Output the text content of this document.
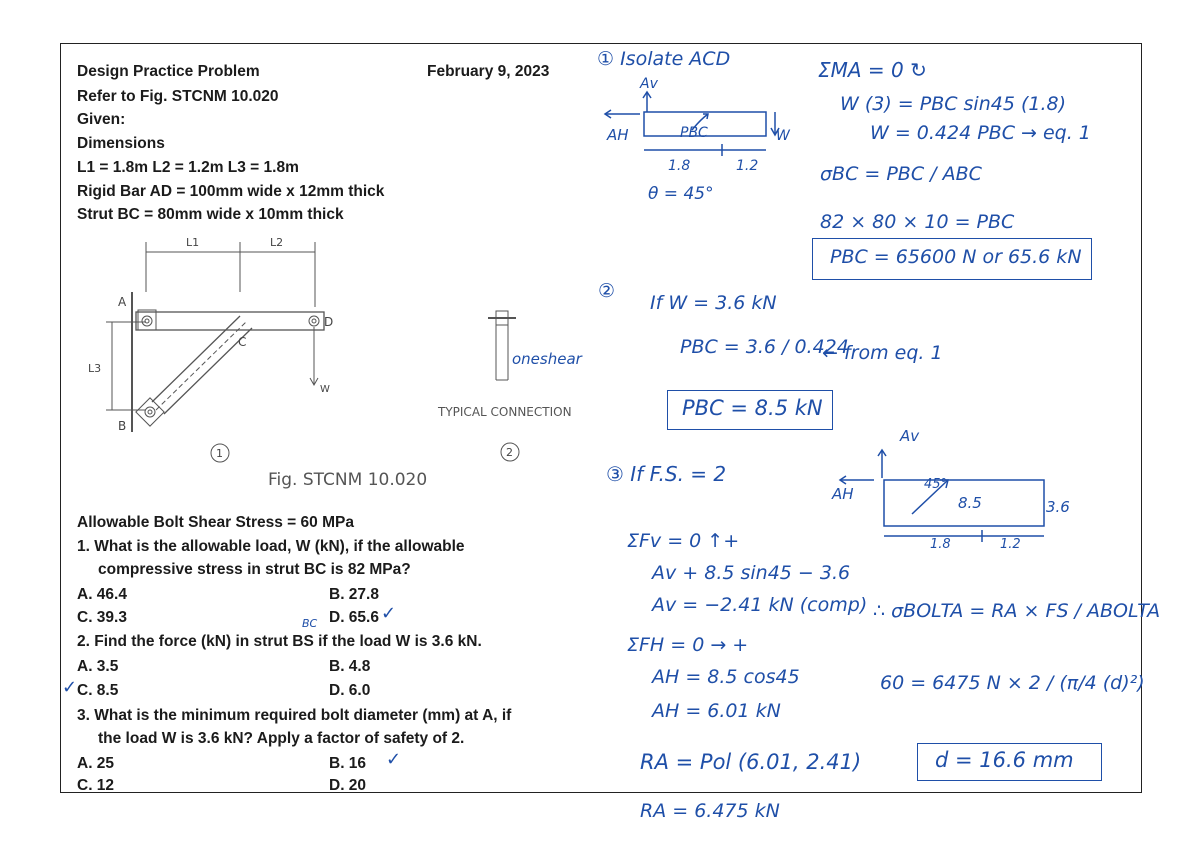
Design Practice Problem	February 9, 2023
Refer to Fig. STCNM 10.020
Given:
Dimensions
L1 = 1.8m L2 = 1.2m L3 = 1.8m
Rigid Bar AD = 100mm wide x 12mm thick
Strut BC = 80mm wide x 10mm thick
L1	L2
L3
A
B
C
D
W
1
oneshear
TYPICAL CONNECTION
2
Fig. STCNM 10.020
Allowable Bolt Shear Stress = 60 MPa
1. What is the allowable load, W (kN), if the allowable
compressive stress in strut BC is 82 MPa?
A. 46.4	B. 27.8
C. 39.3	D. 65.6 ✓
BC
2. Find the force (kN) in strut BS if the load W is 3.6 kN.
A. 3.5	B. 4.8
✓ C. 8.5	D. 6.0
3. What is the minimum required bolt diameter (mm) at A, if
the load W is 3.6 kN? Apply a factor of safety of 2.
A. 25	B. 16 ✓
C. 12	D. 20
① Isolate ACD
Av
AH	PBC	W
1.8	1.2
θ = 45°
ΣMA = 0 ↻
W (3) = PBC sin45 (1.8)
W = 0.424 PBC → eq. 1
σBC = PBC / ABC
82 × 80 × 10 = PBC
PBC = 65600 N or 65.6 kN
②
If W = 3.6 kN
PBC = 3.6 / 0.424
← from eq. 1
PBC = 8.5 kN
③ If F.S. = 2
Av
AH
45°
8.5	3.6
1.8	1.2
ΣFv = 0 ↑+
Av + 8.5 sin45 − 3.6
Av = −2.41 kN (comp)
ΣFH = 0 → +
AH = 8.5 cos45
AH = 6.01 kN
RA = Pol (6.01, 2.41)
RA = 6.475 kN
∴ σBOLTA = RA × FS / ABOLTA
60 = 6475 N × 2 / (π/4 (d)²)
d = 16.6 mm
